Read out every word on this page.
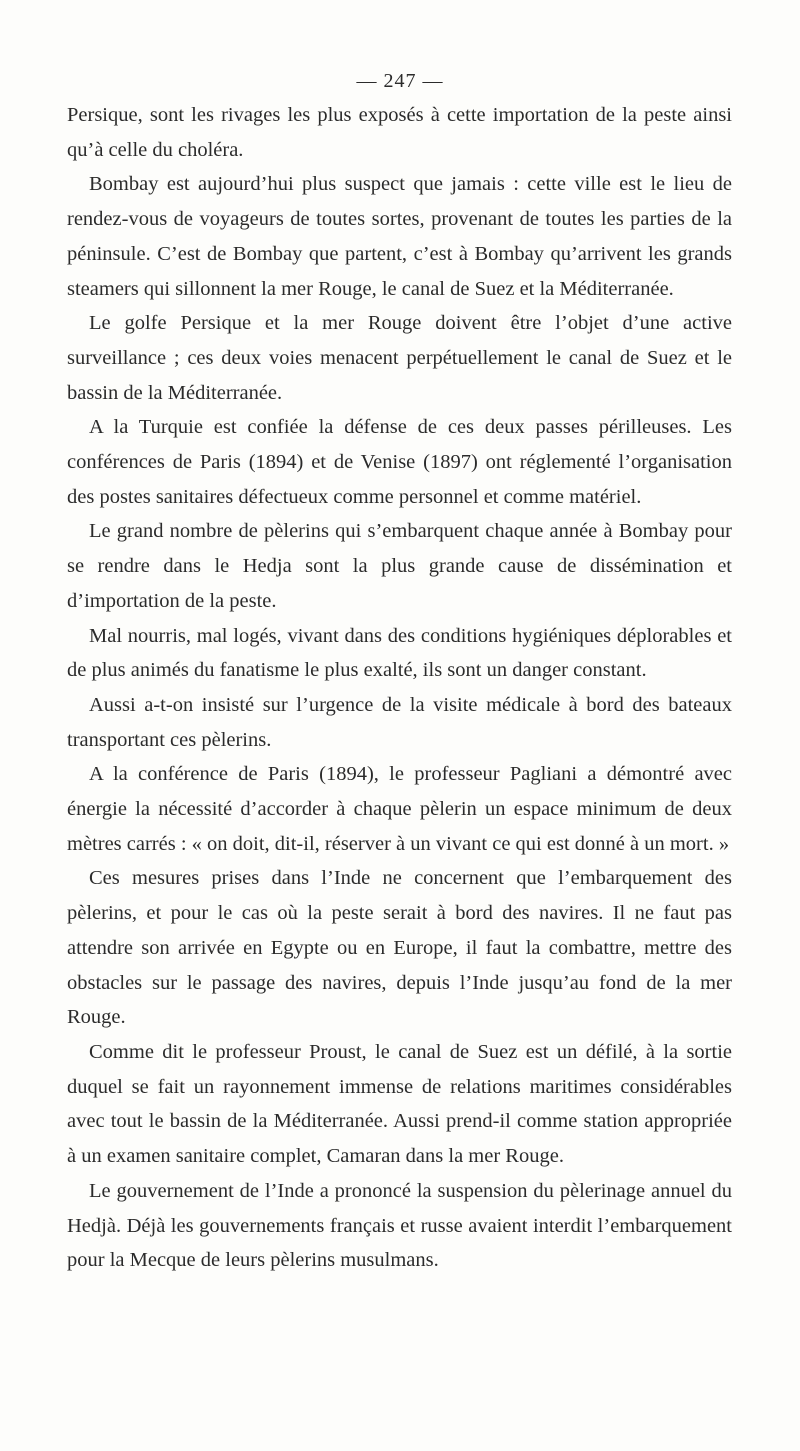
— 247 —

Persique, sont les rivages les plus exposés à cette importation de la peste ainsi qu’à celle du choléra.

Bombay est aujourd’hui plus suspect que jamais : cette ville est le lieu de rendez-vous de voyageurs de toutes sortes, provenant de toutes les parties de la péninsule. C’est de Bombay que partent, c’est à Bombay qu’arrivent les grands steamers qui sillonnent la mer Rouge, le canal de Suez et la Méditerranée.

Le golfe Persique et la mer Rouge doivent être l’objet d’une active surveillance ; ces deux voies menacent perpétuellement le canal de Suez et le bassin de la Méditerranée.

A la Turquie est confiée la défense de ces deux passes périlleuses. Les conférences de Paris (1894) et de Venise (1897) ont réglementé l’organisation des postes sanitaires défectueux comme personnel et comme matériel.

Le grand nombre de pèlerins qui s’embarquent chaque année à Bombay pour se rendre dans le Hedja sont la plus grande cause de dissémination et d’importation de la peste.

Mal nourris, mal logés, vivant dans des conditions hygiéniques déplorables et de plus animés du fanatisme le plus exalté, ils sont un danger constant.

Aussi a-t-on insisté sur l’urgence de la visite médicale à bord des bateaux transportant ces pèlerins.

A la conférence de Paris (1894), le professeur Pagliani a démontré avec énergie la nécessité d’accorder à chaque pèlerin un espace minimum de deux mètres carrés : « on doit, dit-il, réserver à un vivant ce qui est donné à un mort. »

Ces mesures prises dans l’Inde ne concernent que l’embarquement des pèlerins, et pour le cas où la peste serait à bord des navires. Il ne faut pas attendre son arrivée en Egypte ou en Europe, il faut la combattre, mettre des obstacles sur le passage des navires, depuis l’Inde jusqu’au fond de la mer Rouge.

Comme dit le professeur Proust, le canal de Suez est un défilé, à la sortie duquel se fait un rayonnement immense de relations maritimes considérables avec tout le bassin de la Méditerranée. Aussi prend-il comme station appropriée à un examen sanitaire complet, Camaran dans la mer Rouge.

Le gouvernement de l’Inde a prononcé la suspension du pèlerinage annuel du Hedjà. Déjà les gouvernements français et russe avaient interdit l’embarquement pour la Mecque de leurs pèlerins musulmans.
